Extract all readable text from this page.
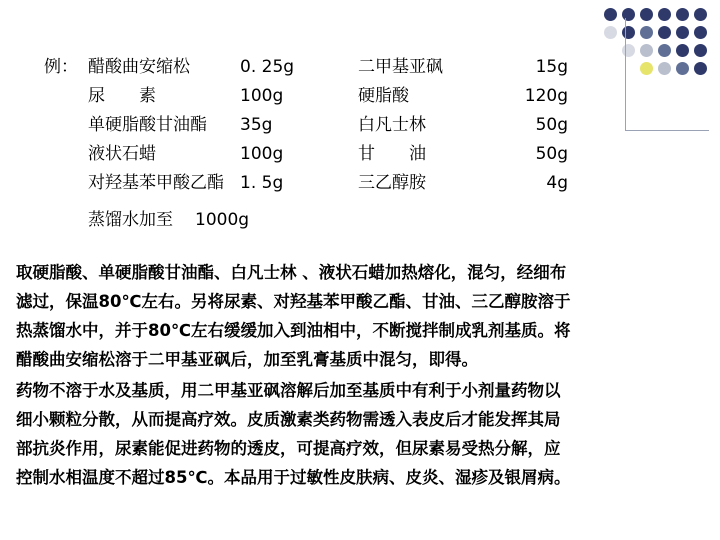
例： 醋酸曲安缩松	0. 25g	二甲基亚砜	15g
尿　　素	100g	硬脂酸	120g
单硬脂酸甘油酯	35g	白凡士林	50g
液状石蜡	100g	甘　　油	50g
对羟基苯甲酸乙酯 1. 5g	三乙醇胺	4g
蒸馏水加至	1000g
取硬脂酸、单硬脂酸甘油酯、白凡士林 、液状石蜡加热熔化，混匀，经细布
滤过，保温80℃左右。另将尿素、对羟基苯甲酸乙酯、甘油、三乙醇胺溶于
热蒸馏水中，并于80℃左右缓缓加入到油相中，不断搅拌制成乳剂基质。将
醋酸曲安缩松溶于二甲基亚砜后，加至乳膏基质中混匀，即得。
药物不溶于水及基质，用二甲基亚砜溶解后加至基质中有利于小剂量药物以
细小颗粒分散，从而提高疗效。皮质激素类药物需透入表皮后才能发挥其局
部抗炎作用，尿素能促进药物的透皮，可提高疗效，但尿素易受热分解，应
控制水相温度不超过85℃。本品用于过敏性皮肤病、皮炎、湿疹及银屑病。
